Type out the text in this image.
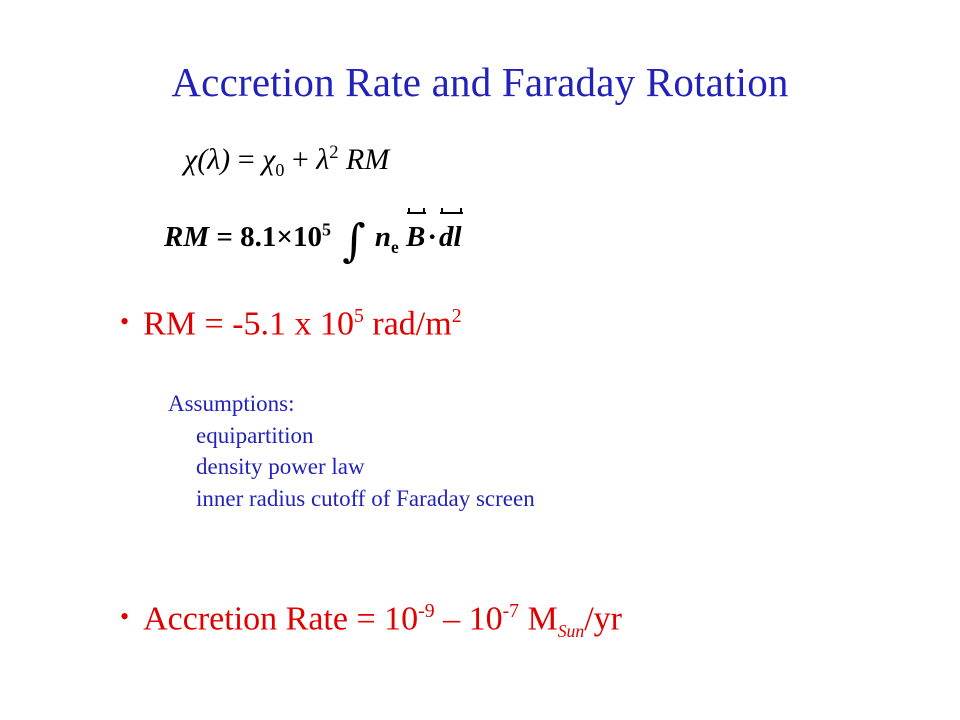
Accretion Rate and Faraday Rotation
$\chi(\lambda) = \chi_0 + \lambda^2$ RM
RM = $8.1\times 10^5$ ∫ $n_e$ B·
dl
• RM = -5.1 x $10^5$ rad/$m^2$
Assumptions:
equipartition
density power law
inner radius cutoff of Faraday screen
• Accretion Rate = $10^{-9} - 10^{-7}$ $M_{Sun}/yr$
